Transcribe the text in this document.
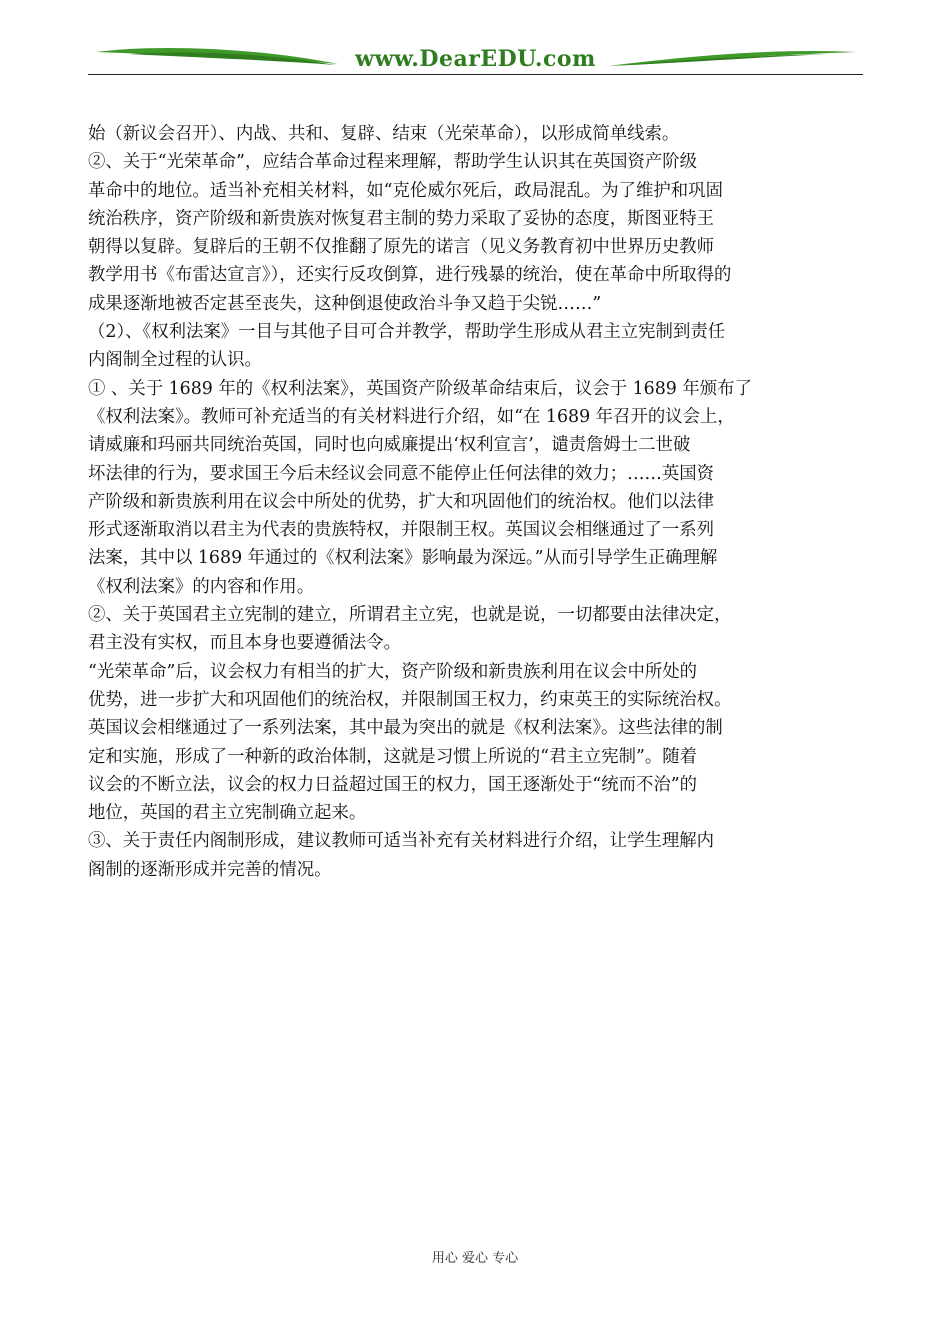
www.DearEDU.com

始（新议会召开）、内战、共和、复辟、结束（光荣革命），以形成简单线索。

②、关于“光荣革命”，应结合革命过程来理解，帮助学生认识其在英国资产阶级

革命中的地位。适当补充相关材料，如“克伦威尔死后，政局混乱。为了维护和巩固

统治秩序，资产阶级和新贵族对恢复君主制的势力采取了妥协的态度，斯图亚特王

朝得以复辟。复辟后的王朝不仅推翻了原先的诺言（见义务教育初中世界历史教师

教学用书《布雷达宣言》），还实行反攻倒算，进行残暴的统治，使在革命中所取得的

成果逐渐地被否定甚至丧失，这种倒退使政治斗争又趋于尖锐……”

（2）、《权利法案》一目与其他子目可合并教学，帮助学生形成从君主立宪制到责任

内阁制全过程的认识。

① 、关于 1689 年的《权利法案》，英国资产阶级革命结束后，议会于 1689 年颁布了

《权利法案》。教师可补充适当的有关材料进行介绍，如“在 1689 年召开的议会上，

请威廉和玛丽共同统治英国，同时也向威廉提出‘权利宣言’，谴责詹姆士二世破

坏法律的行为，要求国王今后未经议会同意不能停止任何法律的效力；……英国资

产阶级和新贵族利用在议会中所处的优势，扩大和巩固他们的统治权。他们以法律

形式逐渐取消以君主为代表的贵族特权，并限制王权。英国议会相继通过了一系列

法案，其中以 1689 年通过的《权利法案》影响最为深远。”从而引导学生正确理解

《权利法案》的内容和作用。

②、关于英国君主立宪制的建立，所谓君主立宪，也就是说，一切都要由法律决定，

君主没有实权，而且本身也要遵循法令。

“光荣革命”后，议会权力有相当的扩大，资产阶级和新贵族利用在议会中所处的

优势，进一步扩大和巩固他们的统治权，并限制国王权力，约束英王的实际统治权。

英国议会相继通过了一系列法案，其中最为突出的就是《权利法案》。这些法律的制

定和实施，形成了一种新的政治体制，这就是习惯上所说的“君主立宪制”。随着

议会的不断立法，议会的权力日益超过国王的权力，国王逐渐处于“统而不治”的

地位，英国的君主立宪制确立起来。

③、关于责任内阁制形成，建议教师可适当补充有关材料进行介绍，让学生理解内

阁制的逐渐形成并完善的情况。

用心 爱心 专心
